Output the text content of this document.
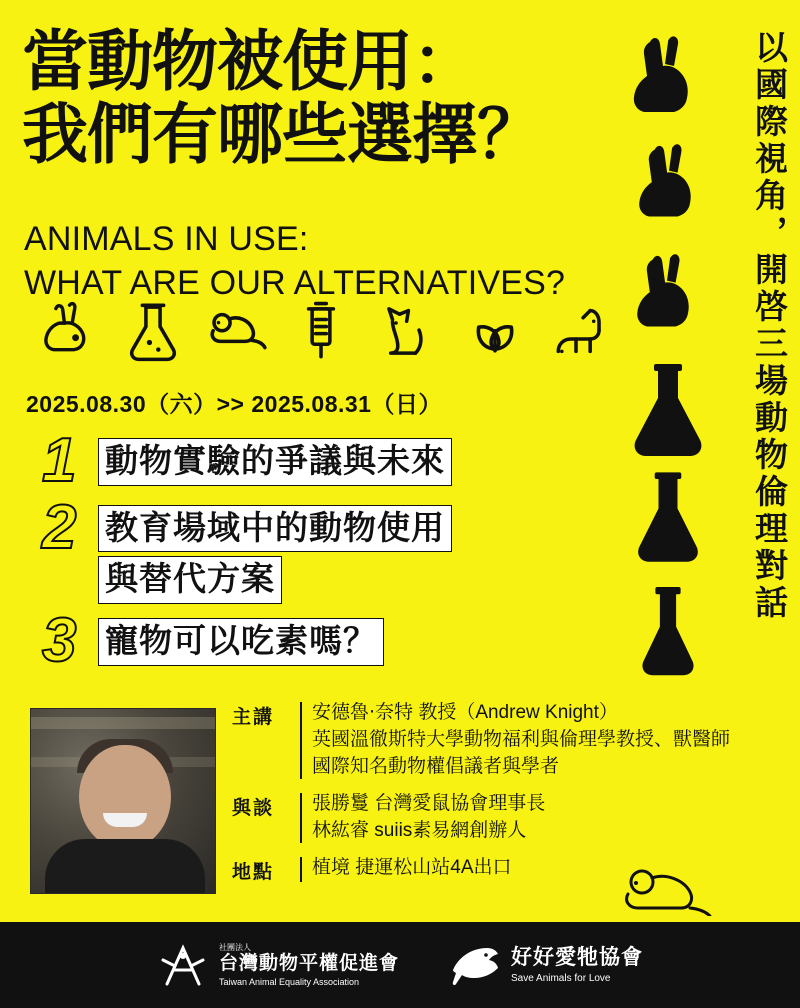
當動物被使用：
我們有哪些選擇？
ANIMALS IN USE:
WHAT ARE OUR ALTERNATIVES?	以國際視角，開啓三場動物倫理對話
2025.08.30（六）>> 2025.08.31（日）
1 動物實驗的爭議與未來
2 教育場域中的動物使用 與替代方案
3 寵物可以吃素嗎？
主講	安德魯‧奈特 教授（Andrew Knight）
英國溫徹斯特大學動物福利與倫理學教授、獸醫師
國際知名動物權倡議者與學者
與談	張勝鬘 台灣愛鼠協會理事長
林紘睿 suiis素易網創辦人
地點	植境 捷運松山站4A出口
社團法人
台灣動物平權促進會
Taiwan Animal Equality Association
好好愛牠協會
Save Animals for Love
